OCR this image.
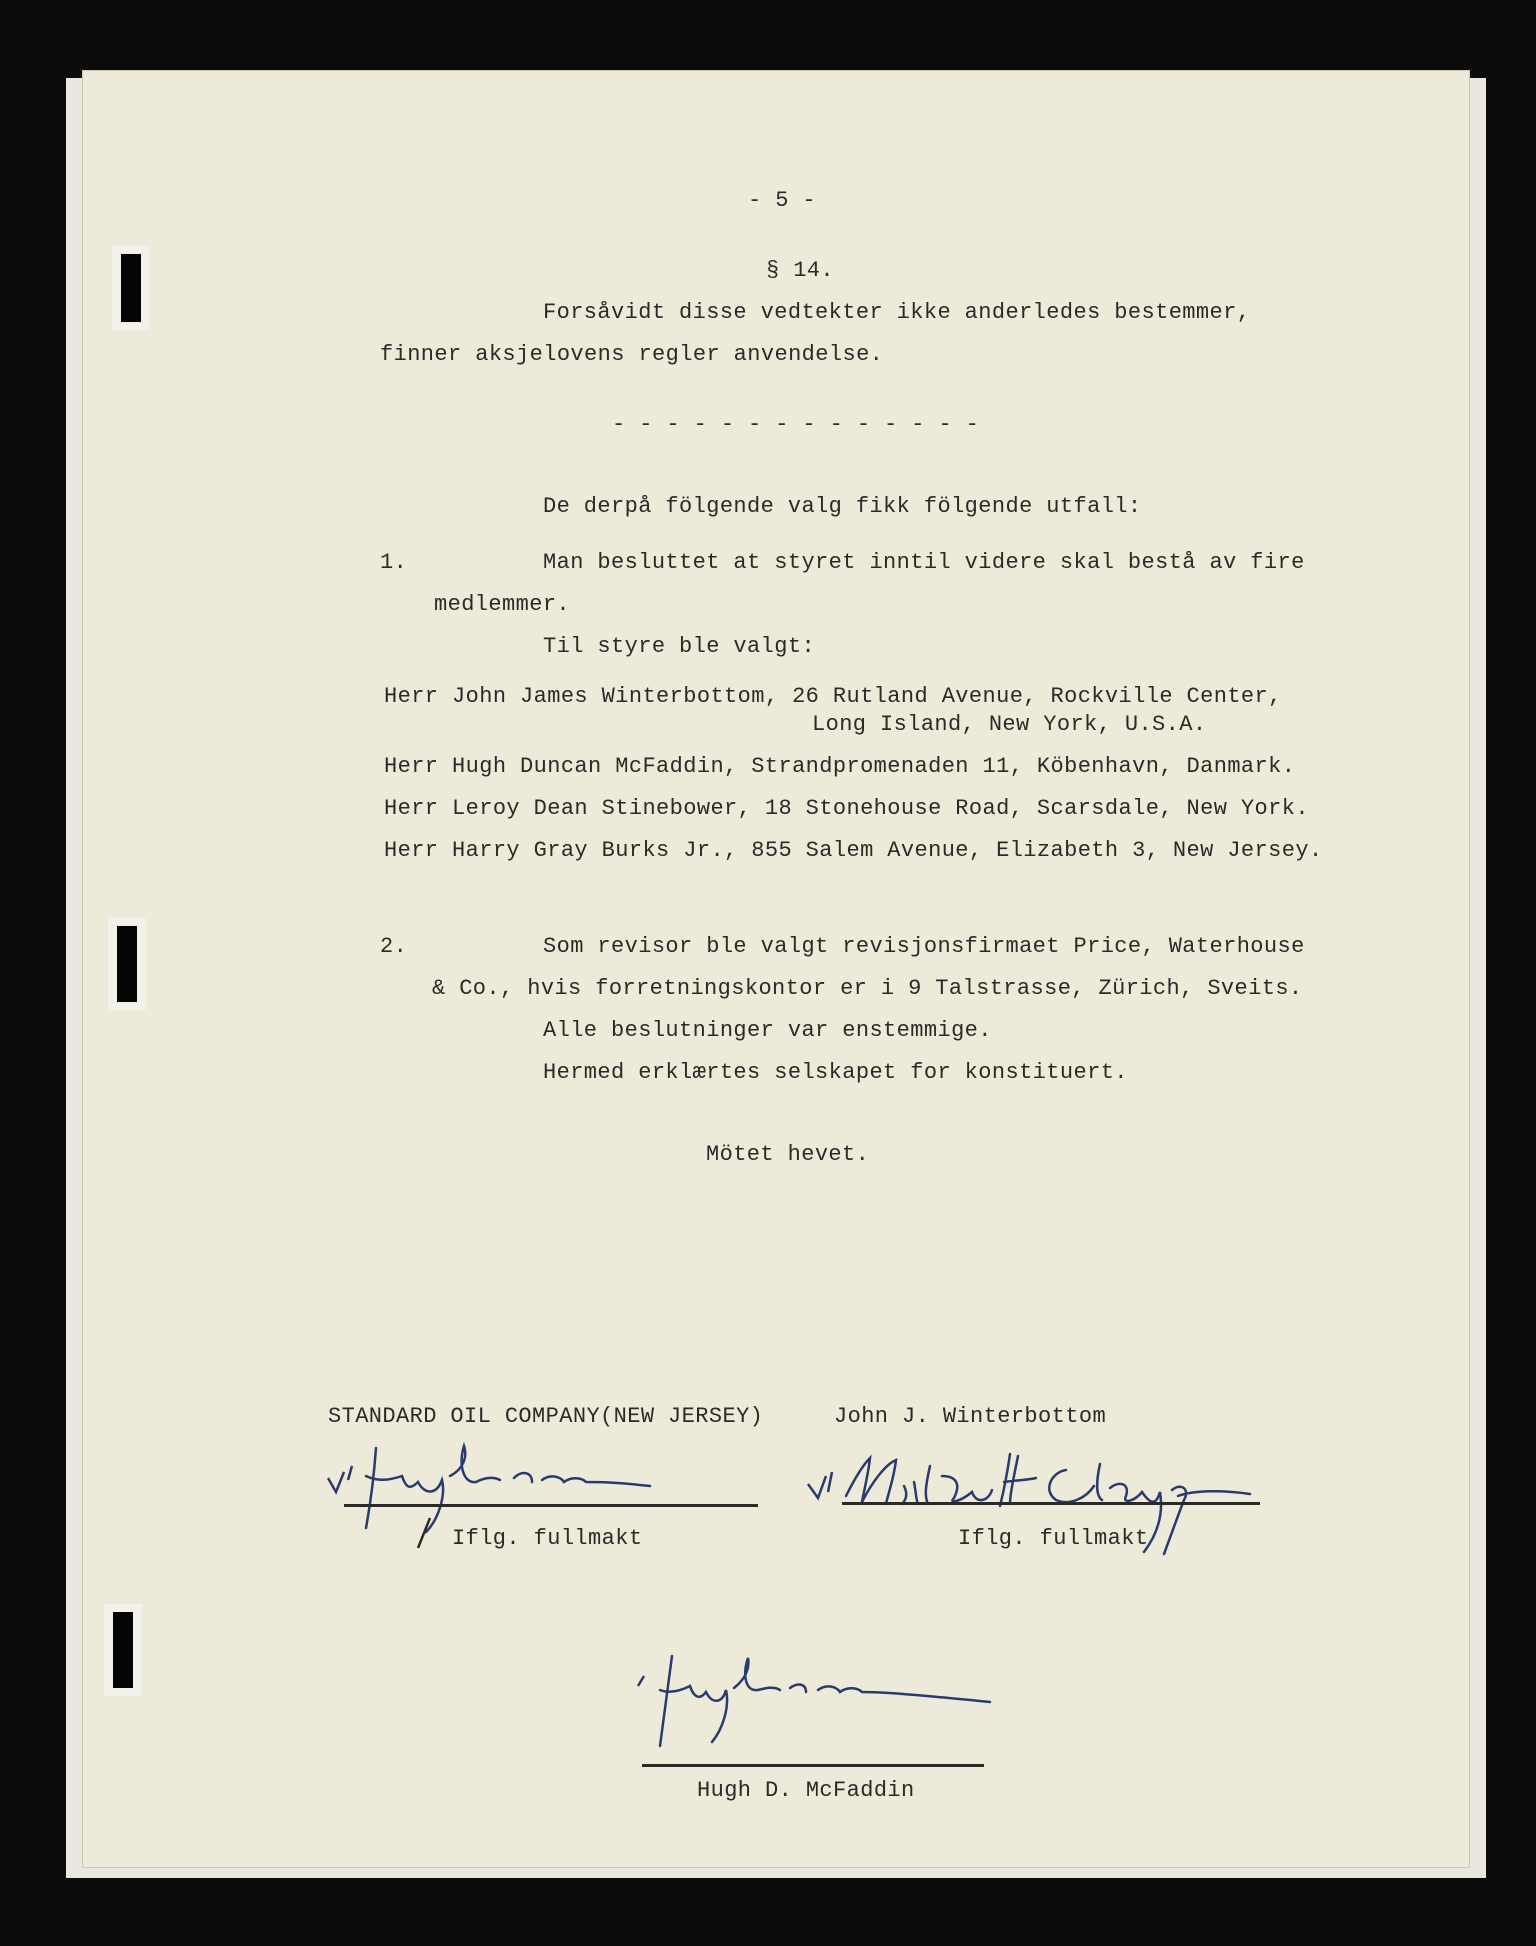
- 5 -
§ 14.
Forsåvidt disse vedtekter ikke anderledes bestemmer,
finner aksjelovens regler anvendelse.
- - - - - - - - - - - - - -
De derpå fölgende valg fikk fölgende utfall:
1.	Man besluttet at styret inntil videre skal bestå av fire
medlemmer.
Til styre ble valgt:
Herr John James Winterbottom, 26 Rutland Avenue, Rockville Center,
Long Island, New York, U.S.A.
Herr Hugh Duncan McFaddin, Strandpromenaden 11, Köbenhavn, Danmark.
Herr Leroy Dean Stinebower, 18 Stonehouse Road, Scarsdale, New York.
Herr Harry Gray Burks Jr., 855 Salem Avenue, Elizabeth 3, New Jersey.
2.	Som revisor ble valgt revisjonsfirmaet Price, Waterhouse
& Co., hvis forretningskontor er i 9 Talstrasse, Zürich, Sveits.
Alle beslutninger var enstemmige.
Hermed erklærtes selskapet for konstituert.
Mötet hevet.
STANDARD OIL COMPANY(NEW JERSEY)	John J. Winterbottom
Iflg. fullmakt	Iflg. fullmakt
Hugh D. McFaddin
